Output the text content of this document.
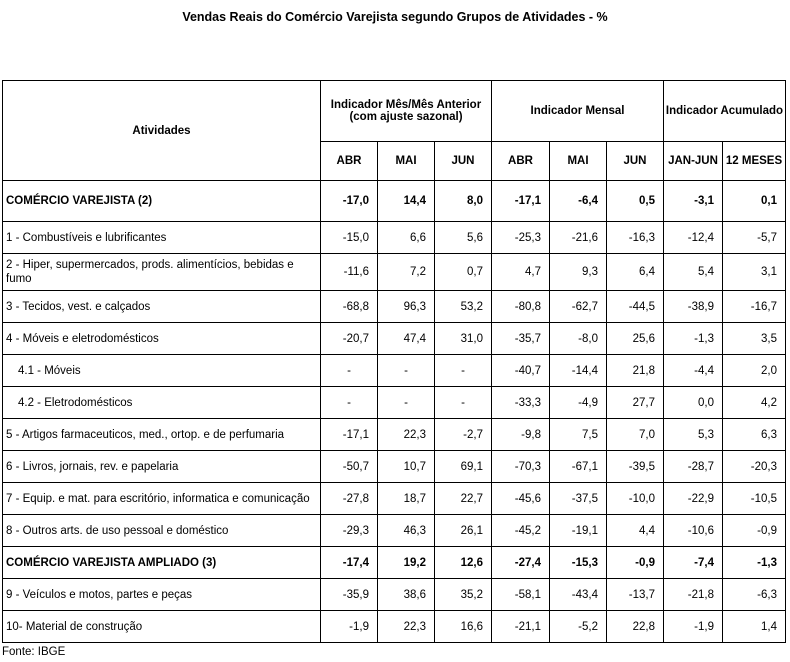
Vendas Reais do Comércio Varejista segundo Grupos de Atividades - %
Atividades	Indicador Mês/Mês Anterior (com ajuste sazonal)			Indicador Mensal			Indicador Acumulado	
	ABR	MAI	JUN	ABR	MAI	JUN	JAN-JUN	12 MESES
COMÉRCIO VAREJISTA (2)	-17,0	14,4	8,0	-17,1	-6,4	0,5	-3,1	0,1
1 - Combustíveis e lubrificantes	-15,0	6,6	5,6	-25,3	-21,6	-16,3	-12,4	-5,7
2 - Hiper, supermercados, prods. alimentícios, bebidas e fumo	-11,6	7,2	0,7	4,7	9,3	6,4	5,4	3,1
3 - Tecidos, vest. e calçados	-68,8	96,3	53,2	-80,8	-62,7	-44,5	-38,9	-16,7
4 - Móveis e eletrodomésticos	-20,7	47,4	31,0	-35,7	-8,0	25,6	-1,3	3,5
4.1 - Móveis	-	-	-	-40,7	-14,4	21,8	-4,4	2,0
4.2 - Eletrodomésticos	-	-	-	-33,3	-4,9	27,7	0,0	4,2
5 - Artigos farmaceuticos, med., ortop. e de perfumaria	-17,1	22,3	-2,7	-9,8	7,5	7,0	5,3	6,3
6 - Livros, jornais, rev. e papelaria	-50,7	10,7	69,1	-70,3	-67,1	-39,5	-28,7	-20,3
7 - Equip. e mat. para escritório, informatica e comunicação	-27,8	18,7	22,7	-45,6	-37,5	-10,0	-22,9	-10,5
8 - Outros arts. de uso pessoal e doméstico	-29,3	46,3	26,1	-45,2	-19,1	4,4	-10,6	-0,9
COMÉRCIO VAREJISTA AMPLIADO (3)	-17,4	19,2	12,6	-27,4	-15,3	-0,9	-7,4	-1,3
9 - Veículos e motos, partes e peças	-35,9	38,6	35,2	-58,1	-43,4	-13,7	-21,8	-6,3
10- Material de construção	-1,9	22,3	16,6	-21,1	-5,2	22,8	-1,9	1,4
Fonte: IBGE
